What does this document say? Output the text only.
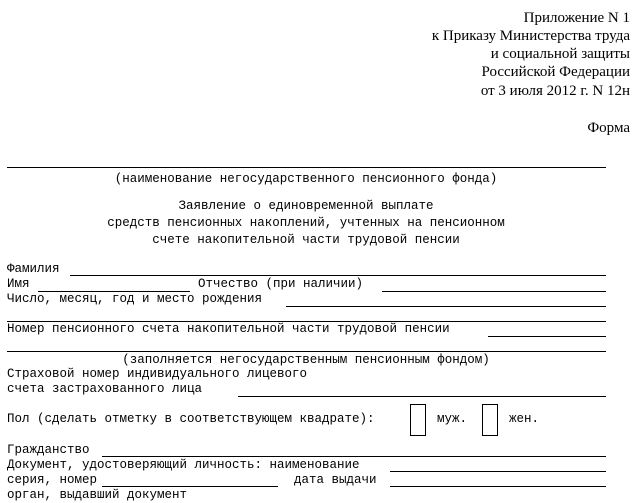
Приложение N 1
к Приказу Министерства труда
и социальной защиты
Российской Федерации
от 3 июля 2012 г. N 12н
Форма
(наименование негосударственного пенсионного фонда)
Заявление о единовременной выплате
средств пенсионных накоплений, учтенных на пенсионном
счете накопительной части трудовой пенсии
Фамилия
Имя	Отчество (при наличии)
Число, месяц, год и место рождения
Номер пенсионного счета накопительной части трудовой пенсии
(заполняется негосударственным пенсионным фондом)
Страховой номер индивидуального лицевого
счета застрахованного лица
Пол (сделать отметку в соответствующем квадрате):	муж.	жен.
Гражданство
Документ, удостоверяющий личность: наименование
серия, номер	дата выдачи
орган, выдавший документ
